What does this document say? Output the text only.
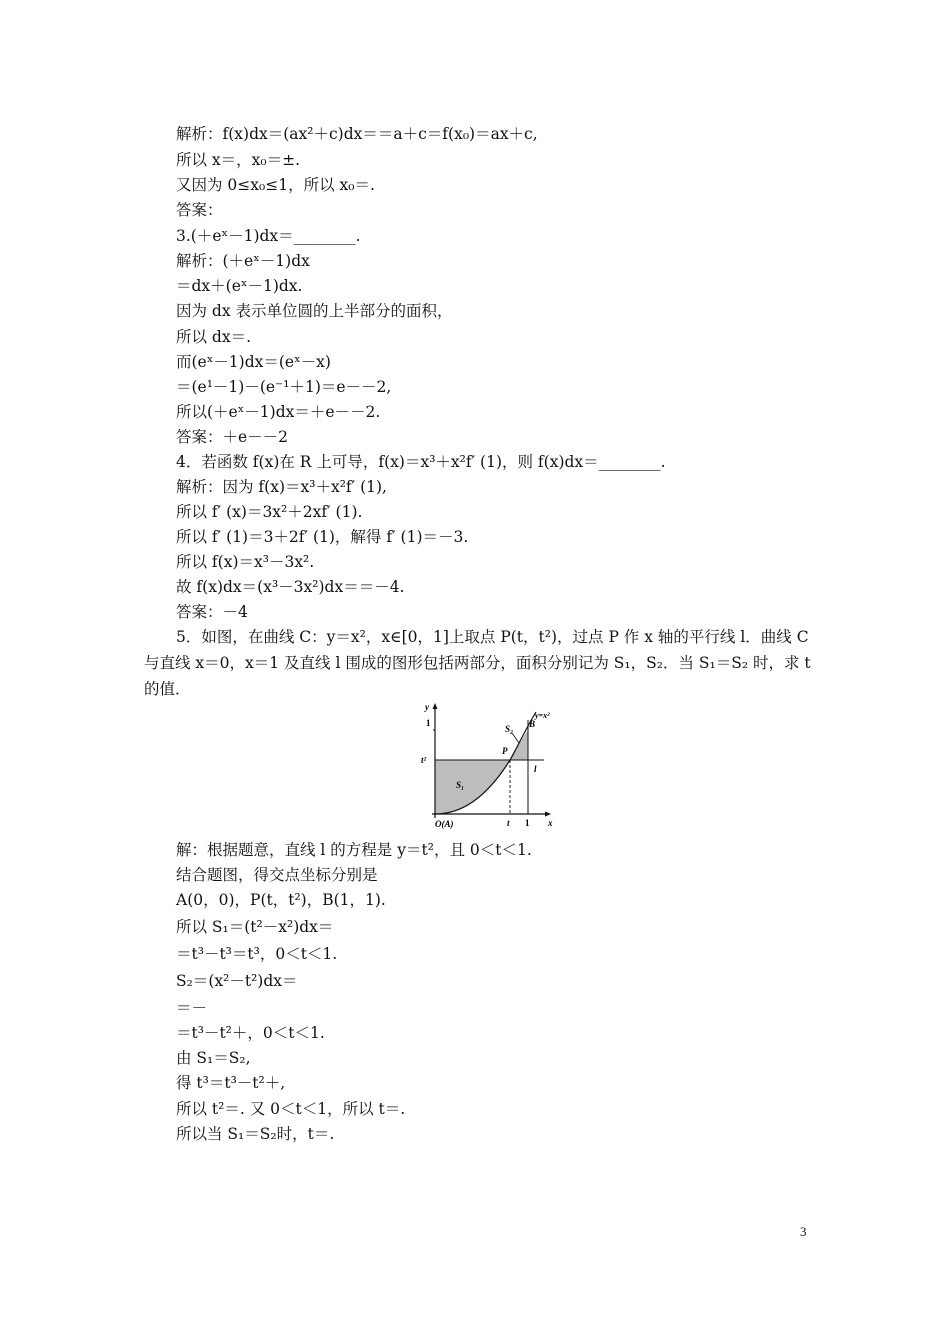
解析：f(x)dx＝(ax²＋c)dx＝＝a＋c＝f(x₀)＝ax＋c,
所以 x＝，x₀＝±.
又因为 0≤x₀≤1，所以 x₀＝.
答案：
3.(＋eˣ－1)dx＝________.
解析：(＋eˣ－1)dx
＝dx＋(eˣ－1)dx.
因为 dx 表示单位圆的上半部分的面积，
所以 dx＝.
而(eˣ－1)dx＝(eˣ－x)
＝(e¹－1)－(e⁻¹＋1)＝e－－2,
所以(＋eˣ－1)dx＝＋e－－2.
答案：＋e－－2
4．若函数 f(x)在 R 上可导，f(x)＝x³＋x²f′ (1)，则 f(x)dx＝________.
解析：因为 f(x)＝x³＋x²f′ (1),
所以 f′ (x)＝3x²＋2xf′ (1).
所以 f′ (1)＝3＋2f′ (1)，解得 f′ (1)＝－3.
所以 f(x)＝x³－3x².
故 f(x)dx＝(x³－3x²)dx＝＝－4.
答案：－4
5．如图，在曲线 C：y＝x²，x∈[0，1]上取点 P(t，t²)，过点 P 作 x 轴的平行线 l．曲线 C 与直线 x＝0，x＝1 及直线 l 围成的图形包括两部分，面积分别记为 S₁，S₂．当 S₁＝S₂ 时，求 t 的值．
y
x
1
t²
S₁
S₂
P
B
y=x²
l
O(A)	t 1
解：根据题意，直线 l 的方程是 y＝t²，且 0＜t＜1.
结合题图，得交点坐标分别是
A(0，0)，P(t，t²)，B(1，1).
所以 S₁＝(t²－x²)dx＝
＝t³－t³＝t³，0＜t＜1.
S₂＝(x²－t²)dx＝
＝－
＝t³－t²＋，0＜t＜1.
由 S₁＝S₂,
得 t³＝t³－t²＋,
所以 t²＝. 又 0＜t＜1，所以 t＝.
所以当 S₁＝S₂时，t＝.
3
